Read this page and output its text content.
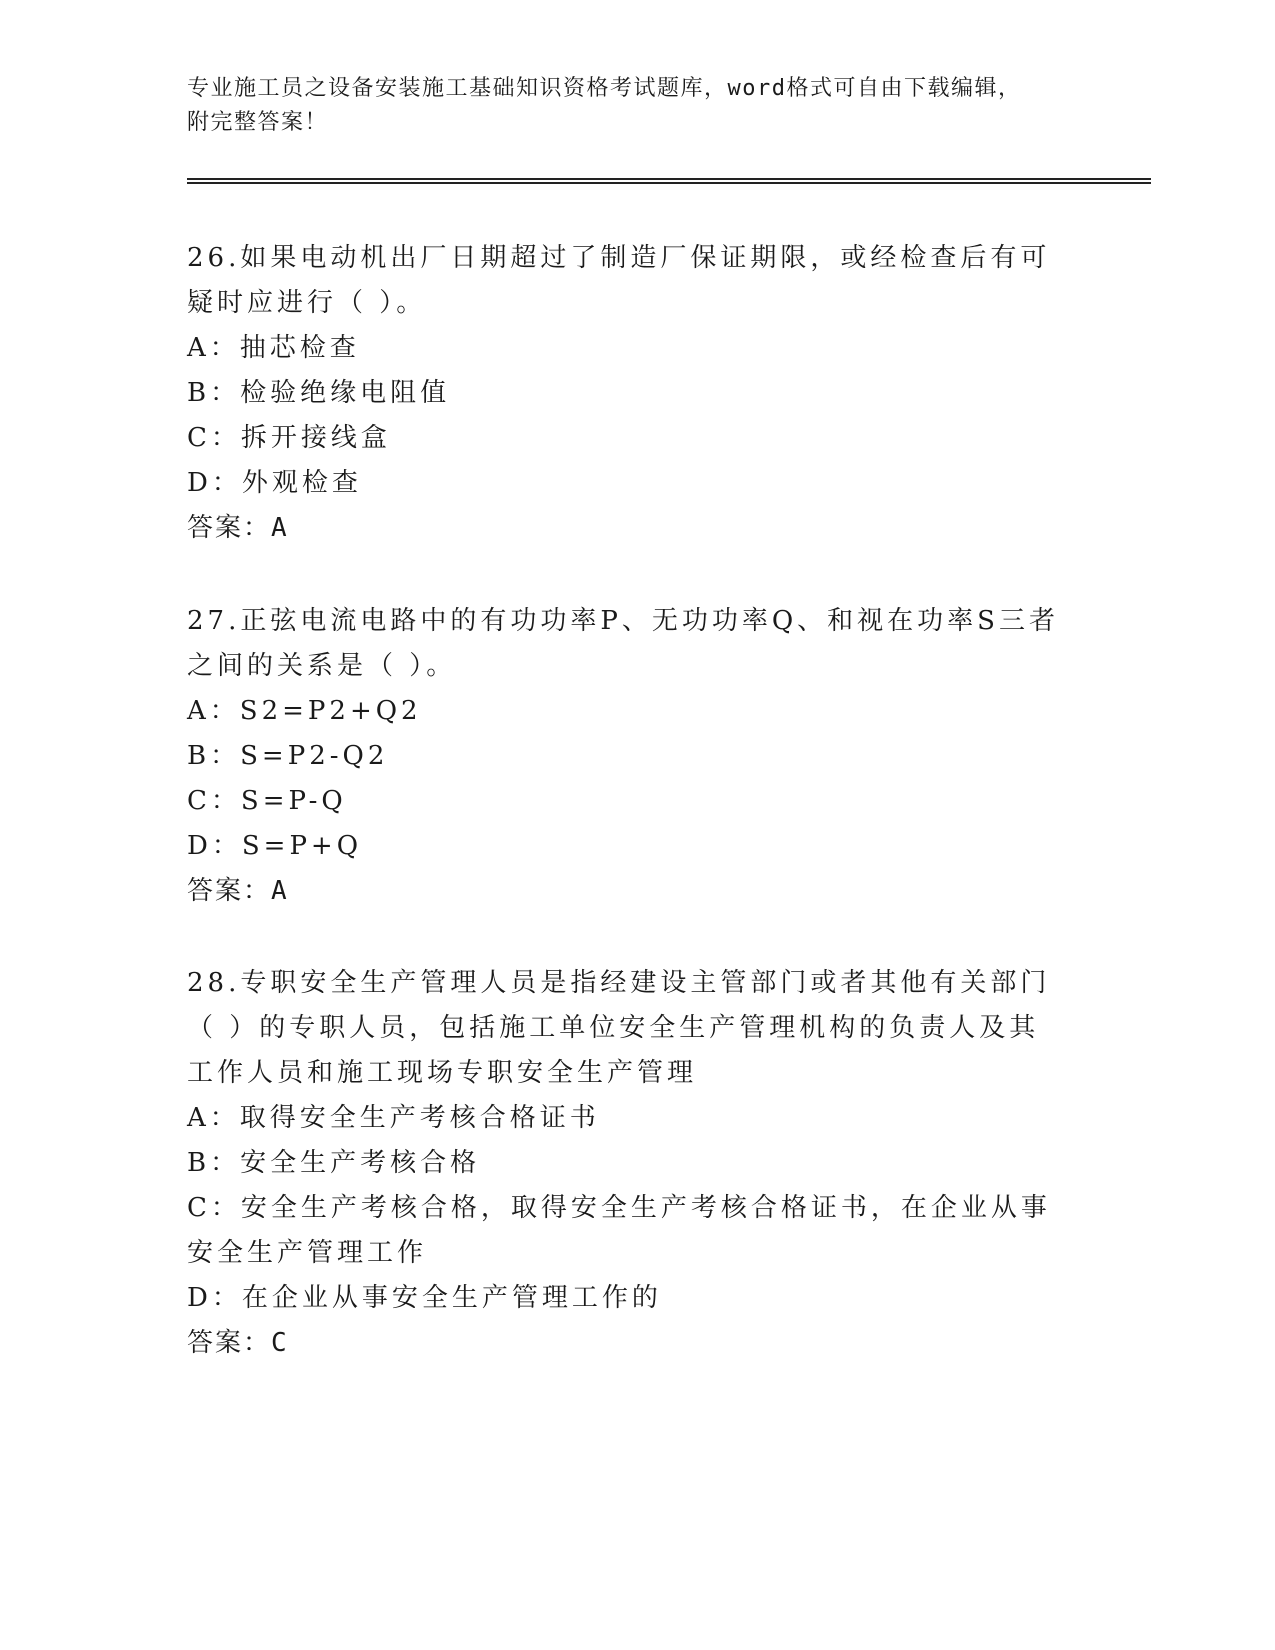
专业施工员之设备安装施工基础知识资格考试题库，word格式可自由下载编辑，
附完整答案！

26.如果电动机出厂日期超过了制造厂保证期限，或经检查后有可疑时应进行（ ）。

A：抽芯检查

B：检验绝缘电阻值

C：拆开接线盒

D：外观检查

答案：A

27.正弦电流电路中的有功功率P、无功功率Q、和视在功率S三者之间的关系是（ ）。

A：S2=P2+Q2

B：S=P2-Q2

C：S=P-Q

D：S=P+Q

答案：A

28.专职安全生产管理人员是指经建设主管部门或者其他有关部门（ ）的专职人员，包括施工单位安全生产管理机构的负责人及其工作人员和施工现场专职安全生产管理

A：取得安全生产考核合格证书

B：安全生产考核合格

C：安全生产考核合格，取得安全生产考核合格证书，在企业从事安全生产管理工作

D：在企业从事安全生产管理工作的

答案：C
